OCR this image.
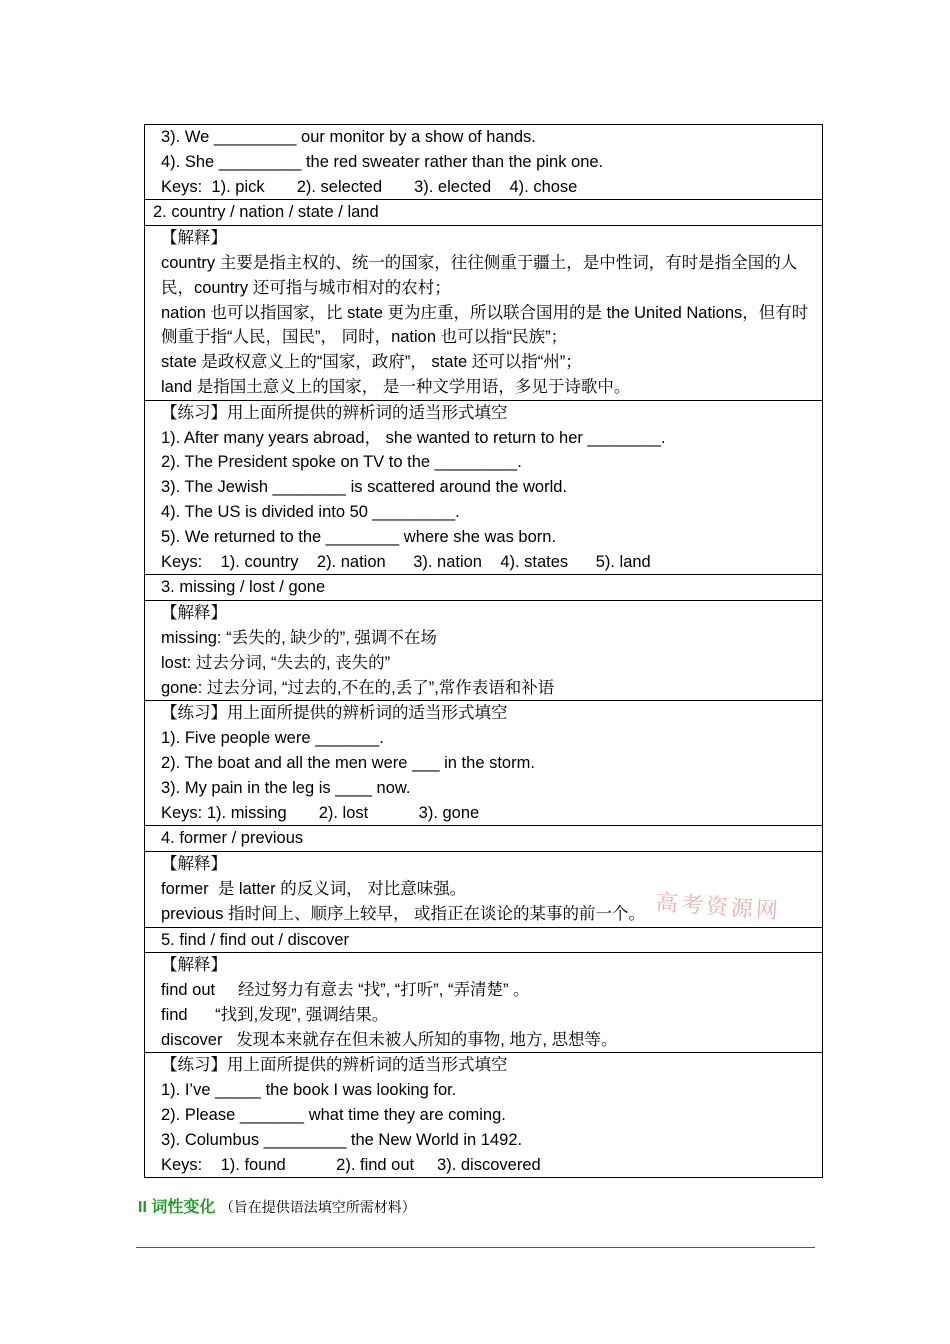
3). We _________ our monitor by a show of hands.
4). She _________ the red sweater rather than the pink one.
Keys:  1). pick       2). selected       3). elected    4). chose

2. country / nation / state / land

【解释】
country 主要是指主权的、统一的国家，往往侧重于疆土，是中性词，有时是指全国的人民，country 还可指与城市相对的农村；
nation 也可以指国家，比 state 更为庄重，所以联合国用的是 the United Nations，但有时侧重于指“人民，国民”， 同时，nation 也可以指“民族”；
state 是政权意义上的“国家，政府”， state 还可以指“州”；
land 是指国土意义上的国家， 是一种文学用语，多见于诗歌中。

【练习】用上面所提供的辨析词的适当形式填空
1). After many years abroad， she wanted to return to her ________.
2). The President spoke on TV to the _________.
3). The Jewish ________ is scattered around the world.
4). The US is divided into 50 _________.
5). We returned to the ________ where she was born.
Keys:    1). country    2). nation      3). nation    4). states      5). land

3. missing / lost / gone

【解释】
missing: “丢失的, 缺少的”, 强调不在场
lost: 过去分词, “失去的, 丧失的”
gone: 过去分词, “过去的,不在的,丢了”,常作表语和补语

【练习】用上面所提供的辨析词的适当形式填空
1). Five people were _______.
2). The boat and all the men were ___ in the storm.
3). My pain in the leg is ____ now.
Keys: 1). missing       2). lost           3). gone

4. former / previous

【解释】
former  是 latter 的反义词， 对比意味强。
previous 指时间上、顺序上较早， 或指正在谈论的某事的前一个。

5. find / find out / discover

【解释】
find out     经过努力有意去 “找”, “打听”, “弄清楚” 。
find      “找到,发现”, 强调结果。
discover   发现本来就存在但未被人所知的事物, 地方, 思想等。

【练习】用上面所提供的辨析词的适当形式填空
1). I’ve _____ the book I was looking for.
2). Please _______ what time they are coming.
3). Columbus _________ the New World in 1492.
Keys:    1). found           2). find out     3). discovered
高考资源网
II 词性变化 （旨在提供语法填空所需材料）
